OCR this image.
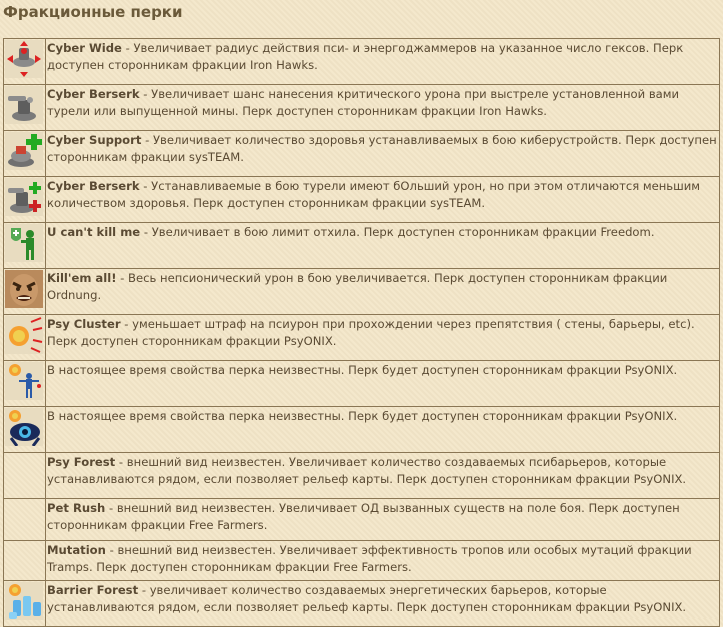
Фракционные перки
	Cyber Wide - Увеличивает радиус действия пси- и энергоджаммеров на указанное число гексов. Перк доступен сторонникам фракции Iron Hawks.

	Cyber Berserk - Увеличивает шанс нанесения критического урона при выстреле установленной вами турели или выпущенной мины. Перк доступен сторонникам фракции Iron Hawks.

	Cyber Support - Увеличивает количество здоровья устанавливаемых в бою киберустройств. Перк доступен сторонникам фракции sysTEAM.

	Cyber Berserk - Устанавливаемые в бою турели имеют бОльший урон, но при этом отличаются меньшим количеством здоровья. Перк доступен сторонникам фракции sysTEAM.

	U can't kill me - Увеличивает в бою лимит отхила. Перк доступен сторонникам фракции Freedom.

	Kill'em all! - Весь непсионический урон в бою увеличивается. Перк доступен сторонникам фракции Ordnung.

	Psy Cluster - уменьшает штраф на псиурон при прохождении через препятствия ( стены, барьеры, etc). Перк доступен сторонникам фракции PsyONIX.

	В настоящее время свойства перка неизвестны. Перк будет доступен сторонникам фракции PsyONIX.

	В настоящее время свойства перка неизвестны. Перк будет доступен сторонникам фракции PsyONIX.
	Psy Forest - внешний вид неизвестен. Увеличивает количество создаваемых псибарьеров, которые устанавливаются рядом, если позволяет рельеф карты. Перк доступен сторонникам фракции PsyONIX.
	Pet Rush - внешний вид неизвестен. Увеличивает ОД вызванных существ на поле боя. Перк доступен сторонникам фракции Free Farmers.
	Mutation - внешний вид неизвестен. Увеличивает эффективность тропов или особых мутаций фракции Tramps. Перк доступен сторонникам фракции Free Farmers.

	Barrier Forest - увеличивает количество создаваемых энергетических барьеров, которые устанавливаются рядом, если позволяет рельеф карты. Перк доступен сторонникам фракции PsyONIX.
